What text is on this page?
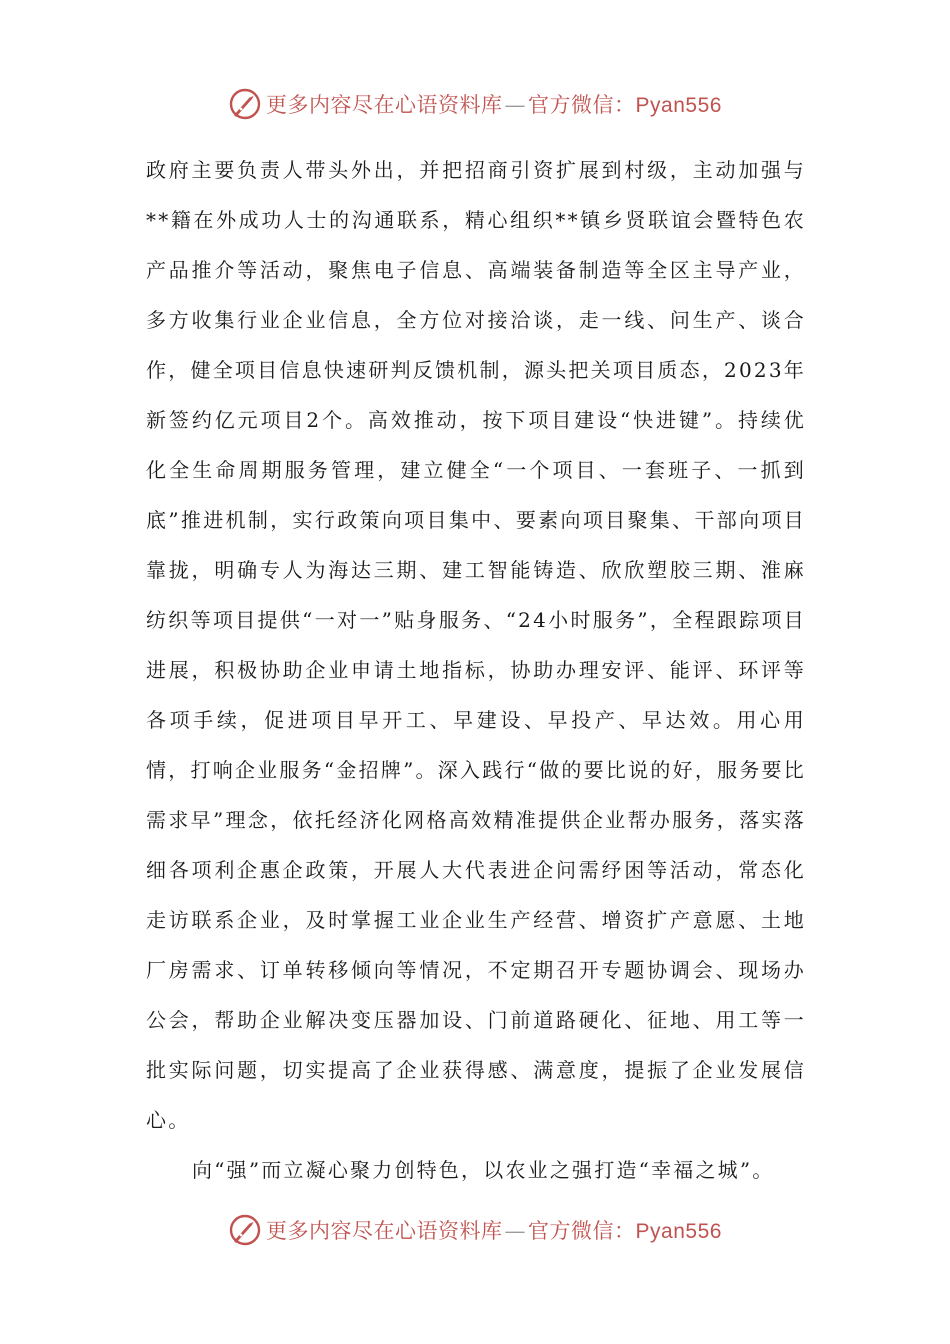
更多内容尽在心语资料库—官方微信：Pyan556

政府主要负责人带头外出，并把招商引资扩展到村级，主动加强与**籍在外成功人士的沟通联系，精心组织**镇乡贤联谊会暨特色农产品推介等活动，聚焦电子信息、高端装备制造等全区主导产业，多方收集行业企业信息，全方位对接洽谈，走一线、问生产、谈合作，健全项目信息快速研判反馈机制，源头把关项目质态，2023年新签约亿元项目2个。高效推动，按下项目建设“快进键”。持续优化全生命周期服务管理，建立健全“一个项目、一套班子、一抓到底”推进机制，实行政策向项目集中、要素向项目聚集、干部向项目靠拢，明确专人为海达三期、建工智能铸造、欣欣塑胶三期、淮麻纺织等项目提供“一对一”贴身服务、“24小时服务”，全程跟踪项目进展，积极协助企业申请土地指标，协助办理安评、能评、环评等各项手续，促进项目早开工、早建设、早投产、早达效。用心用情，打响企业服务“金招牌”。深入践行“做的要比说的好，服务要比需求早”理念，依托经济化网格高效精准提供企业帮办服务，落实落细各项利企惠企政策，开展人大代表进企问需纾困等活动，常态化走访联系企业，及时掌握工业企业生产经营、增资扩产意愿、土地厂房需求、订单转移倾向等情况，不定期召开专题协调会、现场办公会，帮助企业解决变压器加设、门前道路硬化、征地、用工等一批实际问题，切实提高了企业获得感、满意度，提振了企业发展信心。

向“强”而立凝心聚力创特色，以农业之强打造“幸福之城”。

更多内容尽在心语资料库—官方微信：Pyan556
